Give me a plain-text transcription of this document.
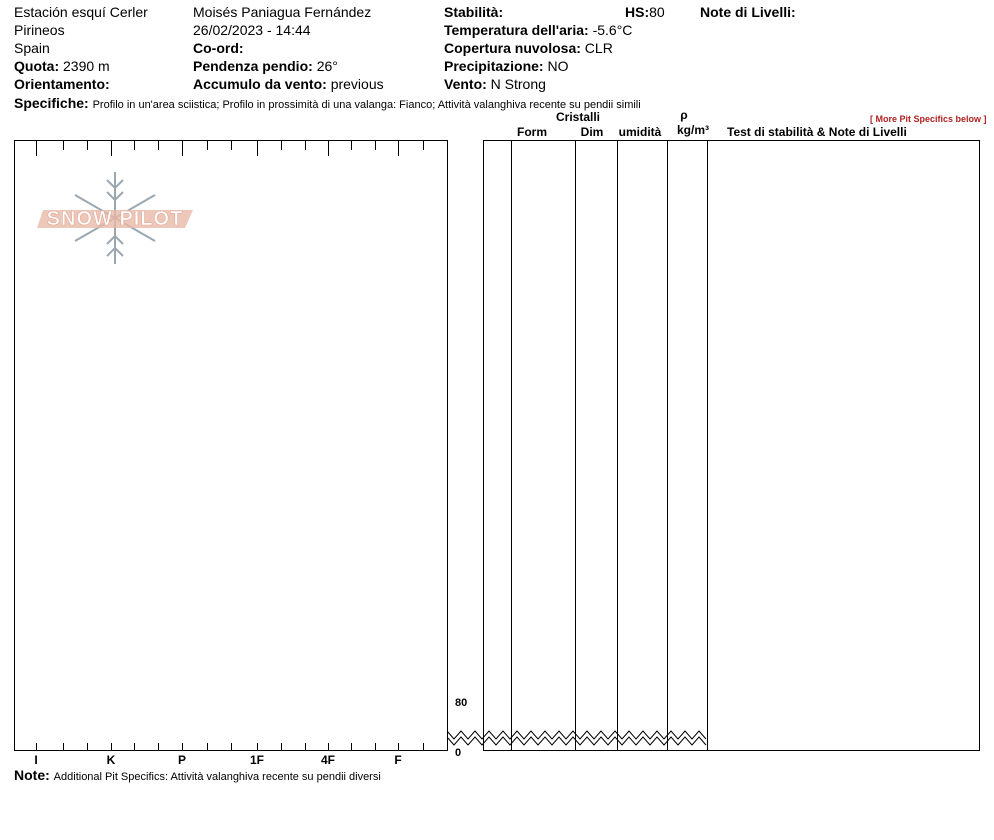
Estación esquí Cerler
Pirineos
Spain
Quota: 2390 m
Orientamento:
Moisés Paniagua Fernández
26/02/2023 - 14:44
Co-ord:
Pendenza pendio: 26°
Accumulo da vento: previous
Stabilità:	HS:80
Temperatura dell'aria: -5.6°C
Copertura nuvolosa: CLR
Precipitazione: NO
Vento: N Strong
Note di Livelli:
Specifiche: Profilo in un'area sciistica; Profilo in prossimità di una valanga: Fianco; Attività valanghiva recente su pendii simili
[ More Pit Specifics below ]
Cristalli
Form	Dim	umidità
ρ
kg/m³	Test di stabilità & Note di Livelli
SNOW PILOT
80
0
I	K	P	1F	4F	F
Note: Additional Pit Specifics: Attività valanghiva recente su pendii diversi
